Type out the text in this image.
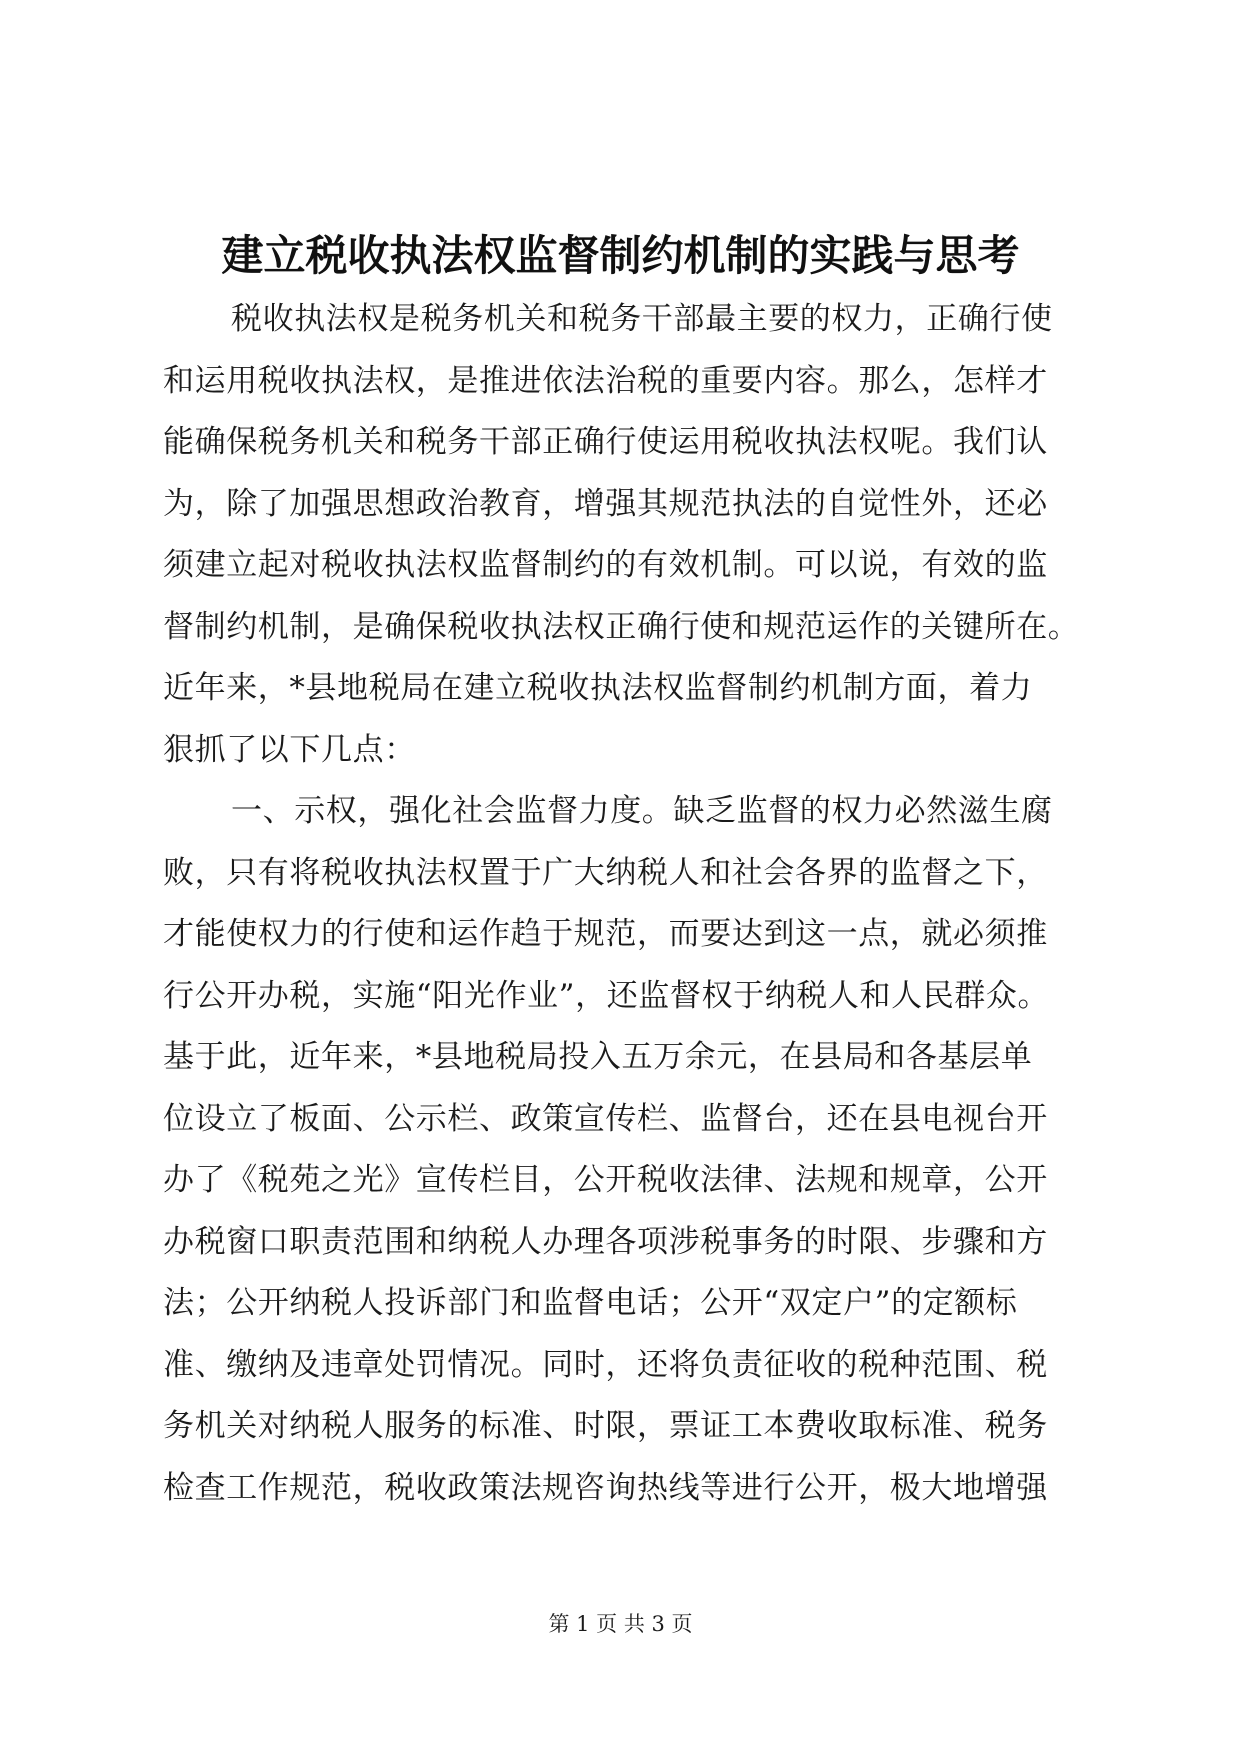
建立税收执法权监督制约机制的实践与思考
税收执法权是税务机关和税务干部最主要的权力，正确行使
和运用税收执法权，是推进依法治税的重要内容。那么，怎样才
能确保税务机关和税务干部正确行使运用税收执法权呢。我们认
为，除了加强思想政治教育，增强其规范执法的自觉性外，还必
须建立起对税收执法权监督制约的有效机制。可以说，有效的监
督制约机制，是确保税收执法权正确行使和规范运作的关键所在。
近年来，*县地税局在建立税收执法权监督制约机制方面，着力
狠抓了以下几点：
一、示权，强化社会监督力度。缺乏监督的权力必然滋生腐
败，只有将税收执法权置于广大纳税人和社会各界的监督之下，
才能使权力的行使和运作趋于规范，而要达到这一点，就必须推
行公开办税，实施“阳光作业”，还监督权于纳税人和人民群众。
基于此，近年来，*县地税局投入五万余元，在县局和各基层单
位设立了板面、公示栏、政策宣传栏、监督台，还在县电视台开
办了《税苑之光》宣传栏目，公开税收法律、法规和规章，公开
办税窗口职责范围和纳税人办理各项涉税事务的时限、步骤和方
法；公开纳税人投诉部门和监督电话；公开“双定户”的定额标
准、缴纳及违章处罚情况。同时，还将负责征收的税种范围、税
务机关对纳税人服务的标准、时限，票证工本费收取标准、税务
检查工作规范，税收政策法规咨询热线等进行公开，极大地增强
第 1 页 共 3 页
